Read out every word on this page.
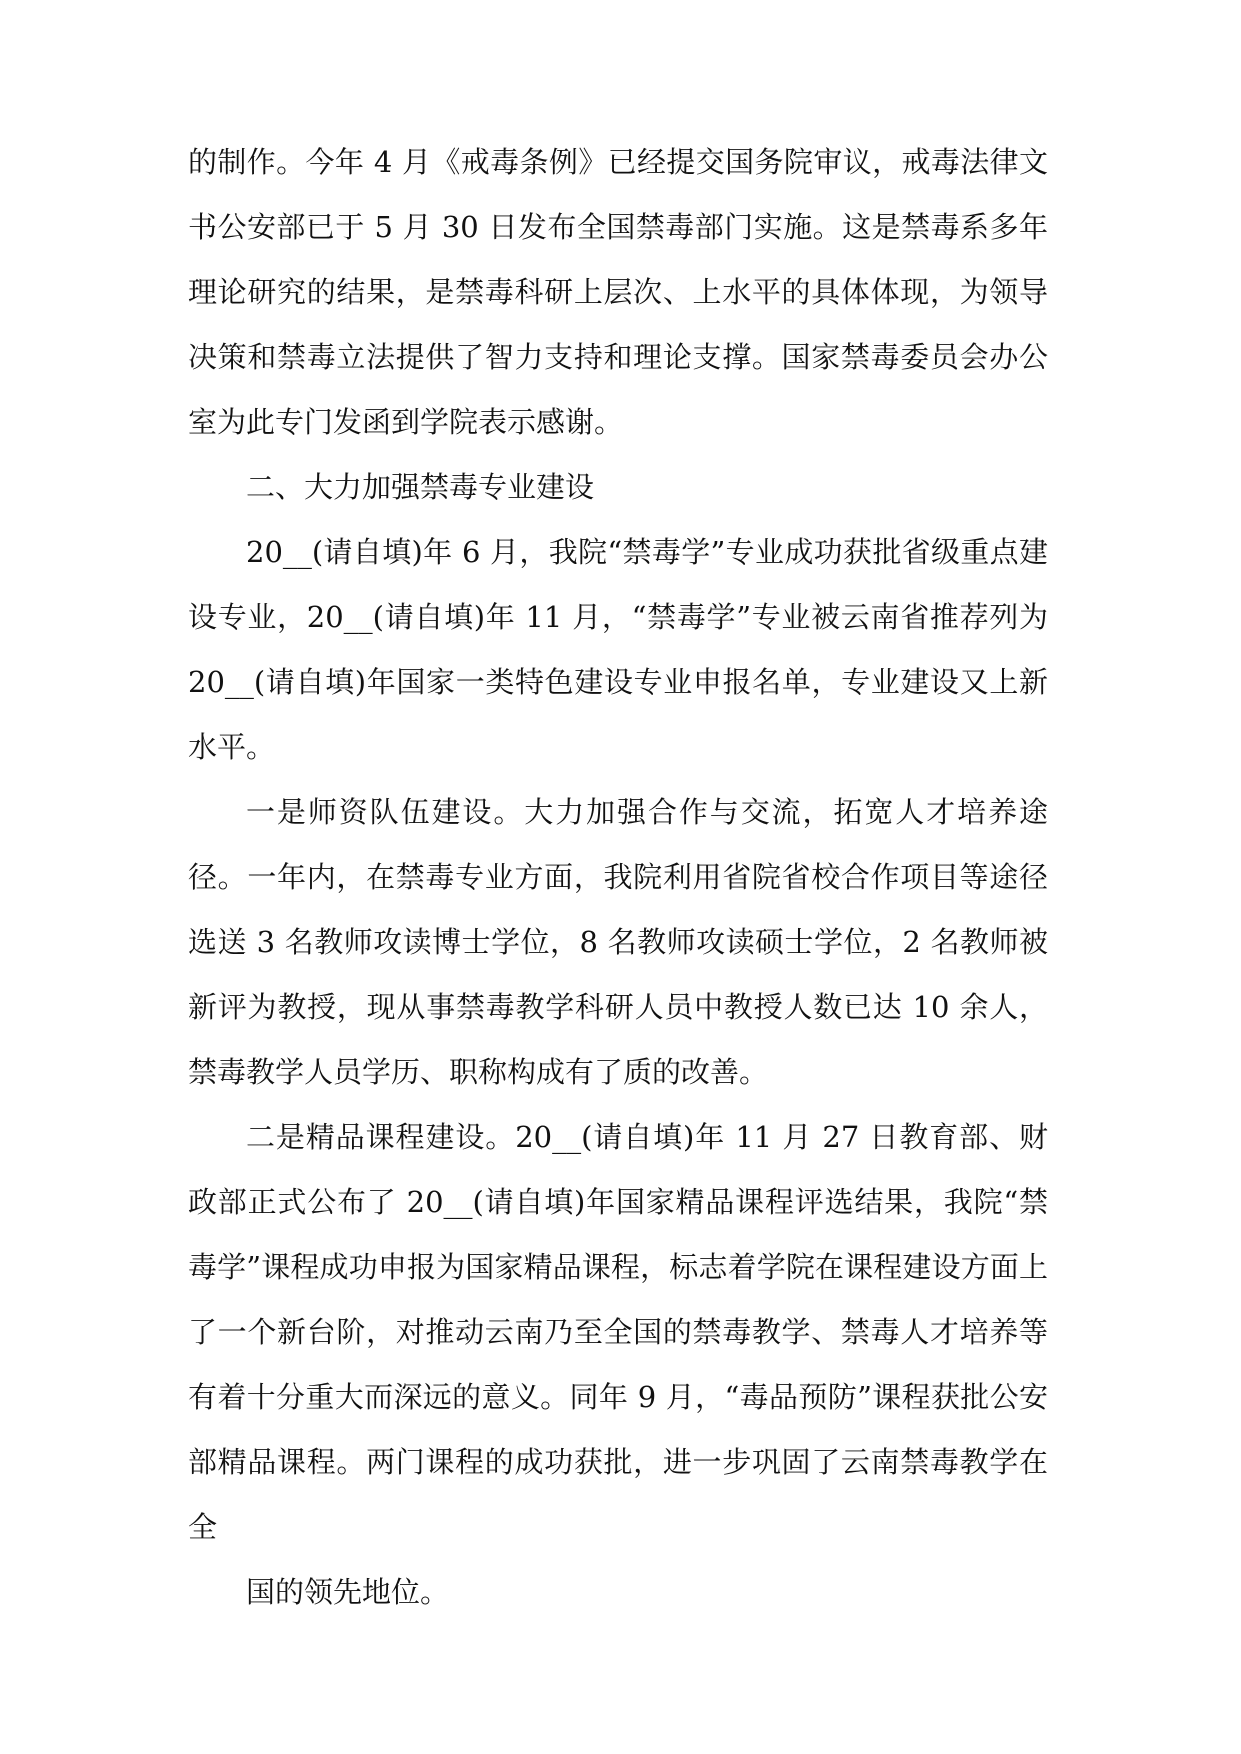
的制作。今年 4 月《戒毒条例》已经提交国务院审议，戒毒法律文书公安部已于 5 月 30 日发布全国禁毒部门实施。这是禁毒系多年理论研究的结果，是禁毒科研上层次、上水平的具体体现，为领导决策和禁毒立法提供了智力支持和理论支撑。国家禁毒委员会办公室为此专门发函到学院表示感谢。

二、大力加强禁毒专业建设

20__(请自填)年 6 月，我院“禁毒学”专业成功获批省级重点建设专业，20__(请自填)年 11 月，“禁毒学”专业被云南省推荐列为 20__(请自填)年国家一类特色建设专业申报名单，专业建设又上新水平。

一是师资队伍建设。大力加强合作与交流，拓宽人才培养途径。一年内，在禁毒专业方面，我院利用省院省校合作项目等途径选送 3 名教师攻读博士学位，8 名教师攻读硕士学位，2 名教师被新评为教授，现从事禁毒教学科研人员中教授人数已达 10 余人，禁毒教学人员学历、职称构成有了质的改善。

二是精品课程建设。20__(请自填)年 11 月 27 日教育部、财政部正式公布了 20__(请自填)年国家精品课程评选结果，我院“禁毒学”课程成功申报为国家精品课程，标志着学院在课程建设方面上了一个新台阶，对推动云南乃至全国的禁毒教学、禁毒人才培养等有着十分重大而深远的意义。同年 9 月，“毒品预防”课程获批公安部精品课程。两门课程的成功获批，进一步巩固了云南禁毒教学在全

国的领先地位。
